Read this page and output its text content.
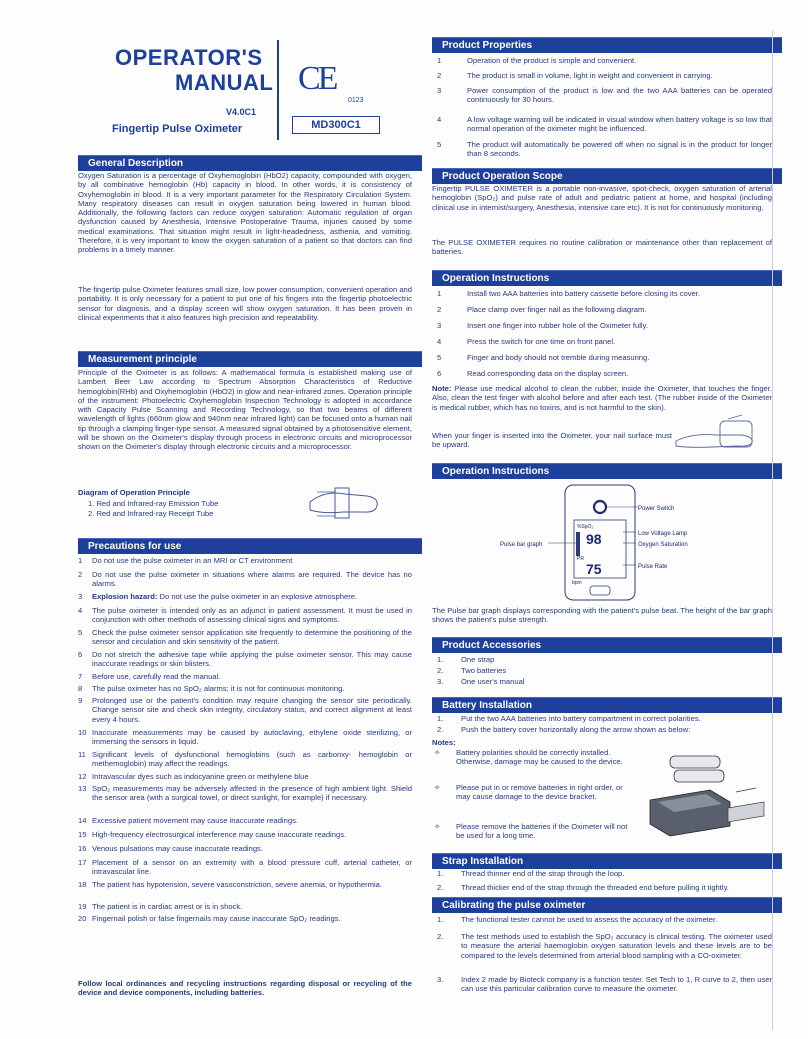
OPERATOR'S
MANUAL
V4.0C1
Fingertip Pulse Oximeter
CE
0123
MD300C1
General Description

Oxygen Saturation is a percentage of Oxyhemoglobin (HbO2) capacity, compounded with oxygen, by all combinative hemoglobin (Hb) capacity in blood. In other words, it is consistency of Oxyhemoglobin in blood. It is a very important parameter for the Respiratory Circulation System. Many respiratory diseases can result in oxygen saturation being lowered in human blood. Additionally, the following factors can reduce oxygen saturation: Automatic regulation of organ dysfunction caused by Anesthesia, Intensive Postoperative Trauma, injuries caused by some medical examinations. That situation might result in light-headedness, asthenia, and vomiting. Therefore, it is very important to know the oxygen saturation of a patient so that doctors can find problems in a timely manner.

The fingertip pulse Oximeter features small size, low power consumption, convenient operation and portability. It is only necessary for a patient to put one of his fingers into the fingertip photoelectric sensor for diagnosis, and a display screen will show oxygen saturation. It has been proven in clinical experiments that it also features high precision and repeatability.

Measurement principle

Principle of the Oximeter is as follows: A mathematical formula is established making use of Lambert Beer Law according to Spectrum Absorption Characteristics of Reductive hemoglobin(RHb) and Oxyhemoglobin (HbO2) in glow and near-infrared zones. Operation principle of the instrument: Photoelectric Oxyhemoglobin Inspection Technology is adopted in accordance with Capacity Pulse Scanning and Recording Technology, so that two beams of different wavelength of lights (660nm glow and 940nm near infrared light) can be focused onto a human nail tip through a clamping finger-type sensor. A measured signal obtained by a photosensitive element, will be shown on the Oximeter's display through process in electronic circuits and microprocessor shown on the Oximeter's display through electronic circuits and a microprocessor.

Diagram of Operation Principle
1. Red and Infrared-ray Emission Tube
2. Red and Infrared-ray Receipt Tube
Precautions for use
1 Do not use the pulse oximeter in an MRI or CT environment
2 Do not use the pulse oximeter in situations where alarms are required. The device has no alarms.
3 Explosion hazard: Do not use the pulse oximeter in an explosive atmosphere.
4 The pulse oximeter is intended only as an adjunct in patient assessment. It must be used in conjunction with other methods of assessing clinical signs and symptoms.
5 Check the pulse oximeter sensor application site frequently to determine the positioning of the sensor and circulation and skin sensitivity of the patient.
6 Do not stretch the adhesive tape while applying the pulse oximeter sensor. This may cause inaccurate readings or skin blisters.
7 Before use, carefully read the manual.
8 The pulse oximeter has no SpO₂ alarms; it is not for continuous monitoring.
9 Prolonged use or the patient's condition may require changing the sensor site periodically. Change sensor site and check skin integrity, circulatory status, and correct alignment at least every 4 hours.
10 Inaccurate measurements may be caused by autoclaving, ethylene oxide sterilizing, or immersing the sensors in liquid.
11 Significant levels of dysfunctional hemoglobins (such as carbonxy- hemoglobin or methemoglobin) may affect the readings.
12 Intravascular dyes such as indocyanine green or methylene blue
13 SpO₂ measurements may be adversely affected in the presence of high ambient light. Shield the sensor area (with a surgical towel, or direct sunlight, for example) if necessary.
14 Excessive patient movement may cause inaccurate readings.
15 High-frequency electrosurgical interference may cause inaccurate readings.
16 Venous pulsations may cause inaccurate readings.
17 Placement of a sensor on an extremity with a blood pressure cuff, arterial catheter, or intravascular line.
18 The patient has hypotension, severe vasoconstriction, severe anemia, or hypothermia.
19 The patient is in cardiac arrest or is in shock.
20 Fingernail polish or false fingernails may cause inaccurate SpO₂ readings.

Follow local ordinances and recycling instructions regarding disposal or recycling of the device and device components, including batteries.

Product Properties
1	Operation of the product is simple and convenient.
2	The product is small in volume, light in weight and convenient in carrying.
3	Power consumption of the product is low and the two AAA batteries can be operated continuously for 30 hours.
4	A low voltage warning will be indicated in visual window when battery voltage is so low that normal operation of the oximeter might be influenced.
5	The product will automatically be powered off when no signal is in the product for longer than 8 seconds.
Product Operation Scope

Fingertip PULSE OXIMETER is a portable non-invasive, spot-check, oxygen saturation of arterial hemoglobin (SpO₂) and pulse rate of adult and pediatric patient at home, and hospital (including clinical use in internist/surgery, Anesthesia, intensive care etc). It is not for continuously monitoring.

The PULSE OXIMETER requires no routine calibration or maintenance other than replacement of batteries.

Operation Instructions
1	Install two AAA batteries into battery cassette before closing its cover.
2	Place clamp over finger nail as the following diagram.
3	Insert one finger into rubber hole of the Oximeter fully.
4	Press the switch for one time on front panel.
5	Finger and body should not tremble during measuring.
6	Read corresponding data on the display screen.

Note: Please use medical alcohol to clean the rubber, inside the Oximeter, that touches the finger. Also, clean the test finger with alcohol before and after each test. (The rubber inside of the Oximeter is medical rubber, which has no toxins, and is not harmful to the skin).

When your finger is inserted into the Oximeter, your nail surface must be upward.

Operation Instructions
%SpO₂
98
PR
75
bpm
Power Switch
Low Voltage Lamp
Oxygen Saturation
Pulse Rate
Pulse bar graph

The Pulse bar graph displays corresponding with the patient's pulse beat. The height of the bar graph shows the patient's pulse strength.

Product Accessories
1. One strap
2. Two batteries
3. One user's manual
Battery Installation
1. Put the two AAA batteries into battery compartment in correct polarities.
2. Push the battery cover horizontally along the arrow shown as below:
Notes:
✧ Battery polarities should be correctly installed. Otherwise, damage may be caused to the device.
✧ Please put in or remove batteries in right order, or may cause damage to the device bracket.
✧ Please remove the batteries if the Oximeter will not be used for a long time.
Strap Installation
1. Thread thinner end of the strap through the loop.
2. Thread thicker end of the strap through the threaded end before pulling it tightly.
Calibrating the pulse oximeter
1. The functional tester cannot be used to assess the accuracy of the oximeter.
2. The test methods used to establish the SpO₂ accuracy is clinical testing. The oximeter used to measure the arterial haemoglobin oxygen saturation levels and these levels are to be compared to the levels determined from arterial blood sampling with a CO-oximeter.
3. Index 2 made by Bioteck company is a function tester. Set Tech to 1, R curve to 2, then user can use this particular calibration curve to measure the oximeter.
